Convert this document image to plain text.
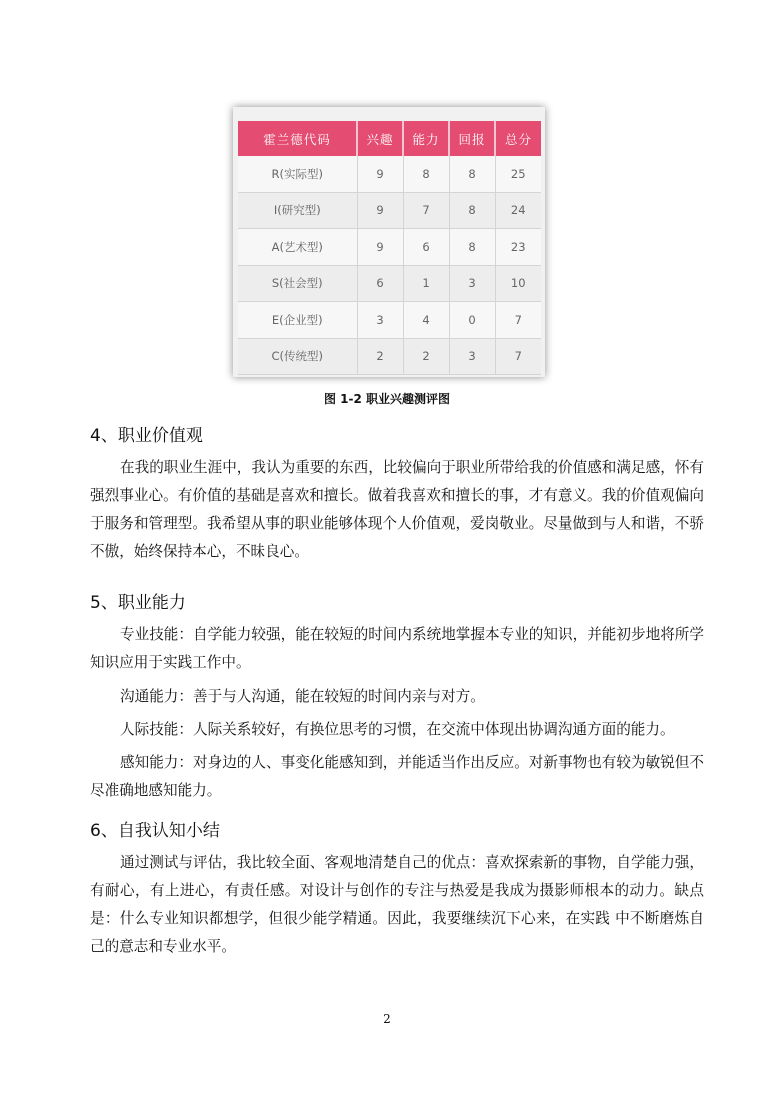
霍兰德代码	兴趣	能力	回报	总分
R(实际型)	9	8	8	25
I(研究型)	9	7	8	24
A(艺术型)	9	6	8	23
S(社会型)	6	1	3	10
E(企业型)	3	4	0	7
C(传统型)	2	2	3	7
图 1-2 职业兴趣测评图
4、职业价值观

在我的职业生涯中，我认为重要的东西，比较偏向于职业所带给我的价值感和满足感，怀有强烈事业心。有价值的基础是喜欢和擅长。做着我喜欢和擅长的事，才有意义。我的价值观偏向于服务和管理型。我希望从事的职业能够体现个人价值观，爱岗敬业。尽量做到与人和谐，不骄不傲，始终保持本心，不昧良心。

5、职业能力

专业技能：自学能力较强，能在较短的时间内系统地掌握本专业的知识，并能初步地将所学知识应用于实践工作中。

沟通能力：善于与人沟通，能在较短的时间内亲与对方。

人际技能：人际关系较好，有换位思考的习惯，在交流中体现出协调沟通方面的能力。

感知能力：对身边的人、事变化能感知到，并能适当作出反应。对新事物也有较为敏锐但不尽准确地感知能力。

6、自我认知小结

通过测试与评估，我比较全面、客观地清楚自己的优点：喜欢探索新的事物，自学能力强，有耐心，有上进心，有责任感。对设计与创作的专注与热爱是我成为摄影师根本的动力。缺点是：什么专业知识都想学，但很少能学精通。因此，我要继续沉下心来，在实践 中不断磨炼自己的意志和专业水平。

2
